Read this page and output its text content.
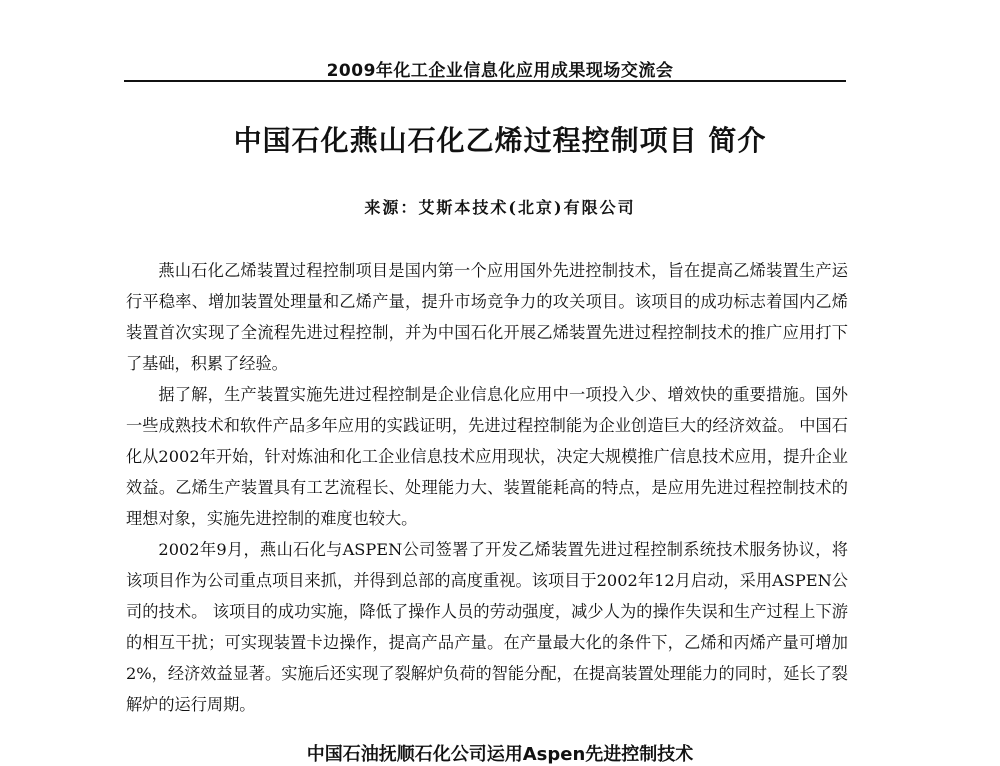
2009年化工企业信息化应用成果现场交流会
中国石化燕山石化乙烯过程控制项目 简介
来源：艾斯本技术(北京)有限公司

燕山石化乙烯装置过程控制项目是国内第一个应用国外先进控制技术，旨在提高乙烯装置生产运行平稳率、增加装置处理量和乙烯产量，提升市场竞争力的攻关项目。该项目的成功标志着国内乙烯装置首次实现了全流程先进过程控制，并为中国石化开展乙烯装置先进过程控制技术的推广应用打下了基础，积累了经验。

据了解，生产装置实施先进过程控制是企业信息化应用中一项投入少、增效快的重要措施。国外一些成熟技术和软件产品多年应用的实践证明，先进过程控制能为企业创造巨大的经济效益。 中国石化从2002年开始，针对炼油和化工企业信息技术应用现状，决定大规模推广信息技术应用，提升企业效益。乙烯生产装置具有工艺流程长、处理能力大、装置能耗高的特点，是应用先进过程控制技术的理想对象，实施先进控制的难度也较大。

2002年9月，燕山石化与ASPEN公司签署了开发乙烯装置先进过程控制系统技术服务协议，将该项目作为公司重点项目来抓，并得到总部的高度重视。该项目于2002年12月启动，采用ASPEN公司的技术。 该项目的成功实施，降低了操作人员的劳动强度，减少人为的操作失误和生产过程上下游的相互干扰；可实现装置卡边操作，提高产品产量。在产量最大化的条件下，乙烯和丙烯产量可增加2%，经济效益显著。实施后还实现了裂解炉负荷的智能分配，在提高装置处理能力的同时，延长了裂解炉的运行周期。

中国石油抚顺石化公司运用Aspen先进控制技术
